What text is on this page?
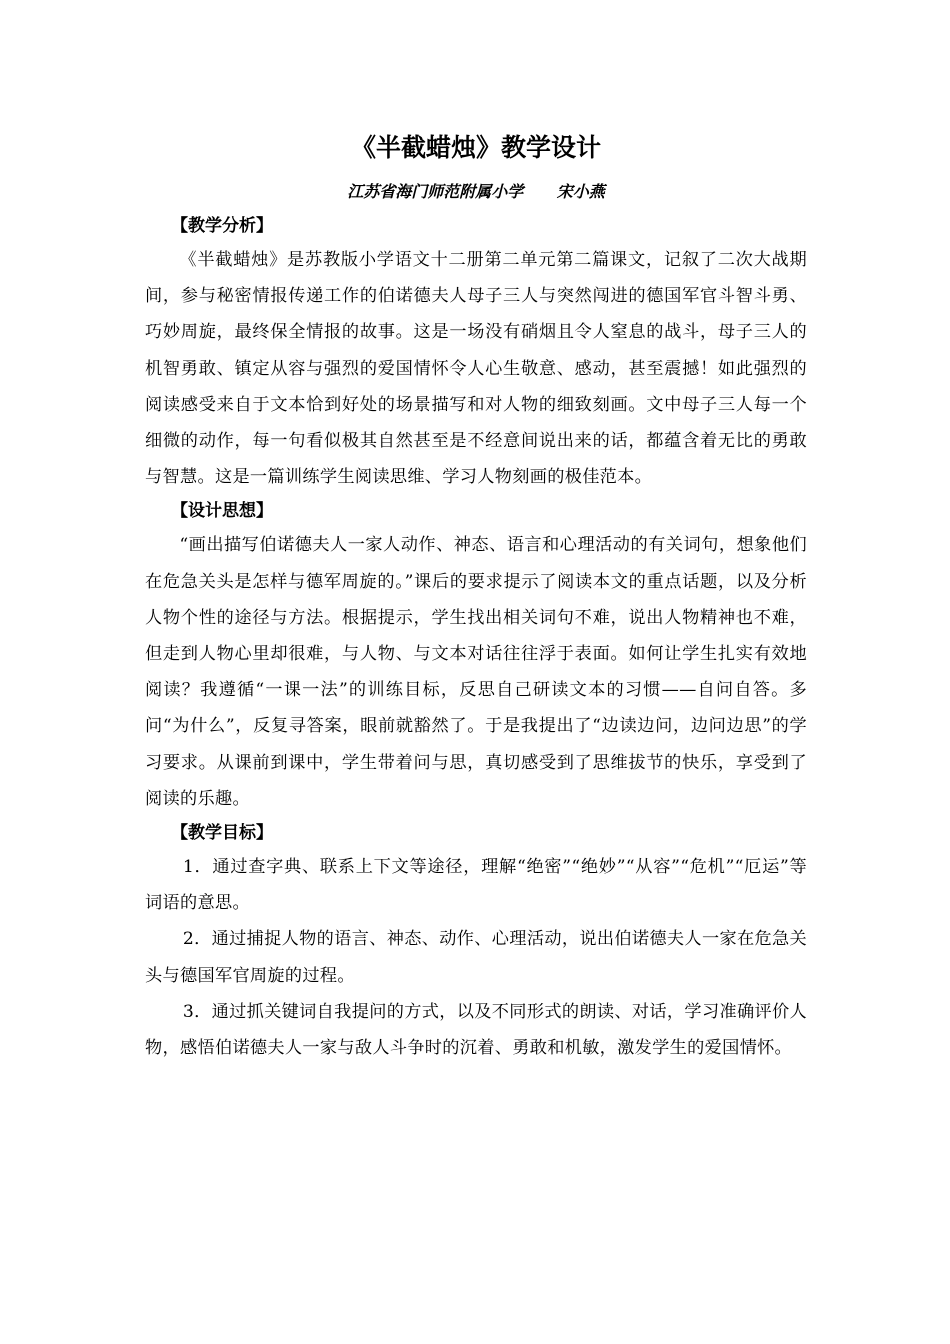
《半截蜡烛》教学设计
江苏省海门师范附属小学      宋小燕
【教学分析】

《半截蜡烛》是苏教版小学语文十二册第二单元第二篇课文，记叙了二次大战期间，参与秘密情报传递工作的伯诺德夫人母子三人与突然闯进的德国军官斗智斗勇、巧妙周旋，最终保全情报的故事。这是一场没有硝烟且令人窒息的战斗，母子三人的机智勇敢、镇定从容与强烈的爱国情怀令人心生敬意、感动，甚至震撼！如此强烈的阅读感受来自于文本恰到好处的场景描写和对人物的细致刻画。文中母子三人每一个细微的动作，每一句看似极其自然甚至是不经意间说出来的话，都蕴含着无比的勇敢与智慧。这是一篇训练学生阅读思维、学习人物刻画的极佳范本。

【设计思想】

“画出描写伯诺德夫人一家人动作、神态、语言和心理活动的有关词句，想象他们在危急关头是怎样与德军周旋的。”课后的要求提示了阅读本文的重点话题，以及分析人物个性的途径与方法。根据提示，学生找出相关词句不难，说出人物精神也不难，但走到人物心里却很难，与人物、与文本对话往往浮于表面。如何让学生扎实有效地阅读？我遵循“一课一法”的训练目标，反思自己研读文本的习惯——自问自答。多问“为什么”，反复寻答案，眼前就豁然了。于是我提出了“边读边问，边问边思”的学习要求。从课前到课中，学生带着问与思，真切感受到了思维拔节的快乐，享受到了阅读的乐趣。

【教学目标】

1．通过查字典、联系上下文等途径，理解“绝密”“绝妙”“从容”“危机”“厄运”等词语的意思。

2．通过捕捉人物的语言、神态、动作、心理活动，说出伯诺德夫人一家在危急关头与德国军官周旋的过程。

3．通过抓关键词自我提问的方式，以及不同形式的朗读、对话，学习准确评价人物，感悟伯诺德夫人一家与敌人斗争时的沉着、勇敢和机敏，激发学生的爱国情怀。
